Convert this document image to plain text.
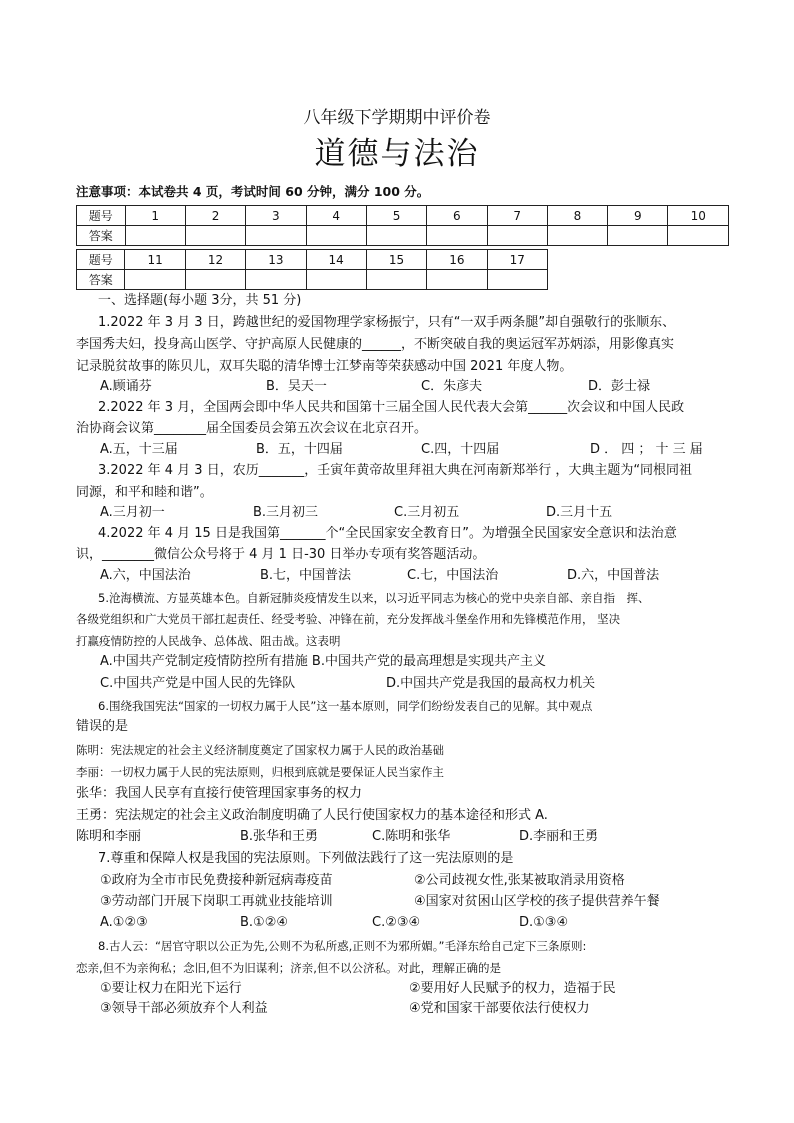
八年级下学期期中评价卷
道德与法治
注意事项：本试卷共 4 页，考试时间 60 分钟，满分 100 分。
题号	1	2	3	4	5	6	7	8	9	10
答案										
题号	11	12	13	14	15	16	17
答案							
一、选择题(每小题 3分，共 51 分)
1.2022 年 3 月 3 日，跨越世纪的爱国物理学家杨振宁，只有“一双手两条腿”却自强敬行的张顺东、
李国秀夫妇，投身高山医学、守护高原人民健康的______，不断突破自我的奥运冠军苏炳添，用影像真实
记录脱贫故事的陈贝儿，双耳失聪的清华博士江梦南等荣获感动中国 2021 年度人物。
A.顾诵芬	B．吴天一	C．朱彦夫	D．彭士禄
2.2022 年 3 月，全国两会即中华人民共和国第十三届全国人民代表大会第______次会议和中国人民政
治协商会议第________届全国委员会第五次会议在北京召开。
A.五，十三届	B．五，十四届	C.四，十四届	D ． 四 ； 十 三 届
3.2022 年 4 月 3 日，农历_______，壬寅年黄帝故里拜祖大典在河南新郑举行 ，大典主题为“同根同祖
同源，和平和睦和谐”。
A.三月初一	B.三月初三	C.三月初五	D.三月十五
4.2022 年 4 月 15 日是我国第_______个“全民国家安全教育日”。为增强全民国家安全意识和法治意
识，________微信公众号将于 4 月 1 日-30 日举办专项有奖答题活动。
A.六，中国法治	B.七，中国普法	C.七，中国法治	D.六，中国普法
5.沧海横流、方显英雄本色。自新冠肺炎疫情发生以来，以习近平同志为核心的党中央亲自部、亲自指　挥、
各级党组织和广大党员干部扛起责任、经受考验、冲锋在前，充分发挥战斗堡垒作用和先锋模范作用， 坚决
打赢疫情防控的人民战争、总体战、阻击战。这表明
A.中国共产党制定疫情防控所有措施 B.中国共产党的最高理想是实现共产主义
C.中国共产党是中国人民的先锋队	D.中国共产党是我国的最高权力机关
6.围绕我国宪法“国家的一切权力属于人民”这一基本原则，同学们纷纷发表自己的见解。其中观点
错误的是
陈明：宪法规定的社会主义经济制度奠定了国家权力属于人民的政治基础
李丽：一切权力属于人民的宪法原则，归根到底就是要保证人民当家作主
张华：我国人民享有直接行使管理国家事务的权力
王勇：宪法规定的社会主义政治制度明确了人民行使国家权力的基本途径和形式 A.
陈明和李丽	B.张华和王勇	C.陈明和张华	D.李丽和王勇
7.尊重和保障人权是我国的宪法原则。下列做法践行了这一宪法原则的是
①政府为全市市民免费接种新冠病毒疫苗	②公司歧视女性,张某被取消录用资格
③劳动部门开展下岗职工再就业技能培训	④国家对贫困山区学校的孩子提供营养午餐
A.①②③	B.①②④	C.②③④	D.①③④
8.古人云：“居官守职以公正为先,公则不为私所惑,正则不为邪所媚。”毛泽东给自己定下三条原则:
恋亲,但不为亲徇私；念旧,但不为旧谋利；济亲,但不以公济私。对此，理解正确的是
①要让权力在阳光下运行	②要用好人民赋予的权力，造福于民
③领导干部必须放弃个人利益	④党和国家干部要依法行使权力
